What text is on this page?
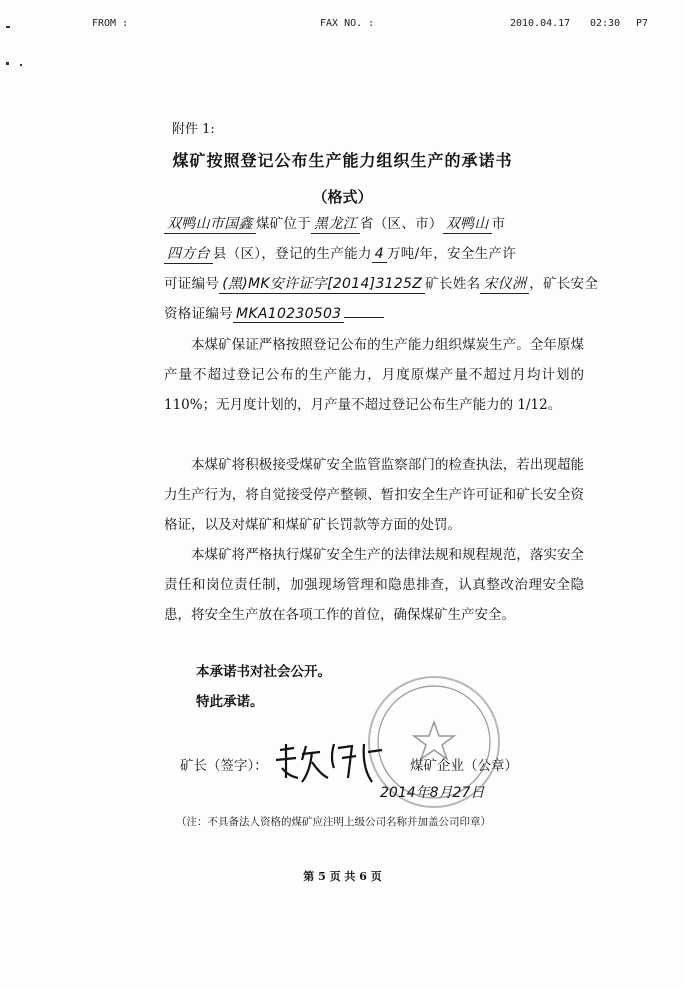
FROM :	FAX NO. :	2010.04.17 02:30 P7
附件 1:
煤矿按照登记公布生产能力组织生产的承诺书
（格式）
双鸭山市国鑫 煤矿位于 黑龙江 省（区、市） 双鸭山 市
四方台 县（区），登记的生产能力 4 万吨/年，安全生产许
可证编号 (黑)MK安许证字[2014]3125Z 矿长姓名 宋仪洲 ，矿长安全
资格证编号 MKA10230503

本煤矿保证严格按照登记公布的生产能力组织煤炭生产。全年原煤产量不超过登记公布的生产能力，月度原煤产量不超过月均计划的 110%；无月度计划的，月产量不超过登记公布生产能力的 1/12。

本煤矿将积极接受煤矿安全监管监察部门的检查执法，若出现超能力生产行为，将自觉接受停产整顿、暂扣安全生产许可证和矿长安全资格证，以及对煤矿和煤矿矿长罚款等方面的处罚。

本煤矿将严格执行煤矿安全生产的法律法规和规程规范，落实安全责任和岗位责任制，加强现场管理和隐患排查，认真整改治理安全隐患，将安全生产放在各项工作的首位，确保煤矿生产安全。

本承诺书对社会公开。
特此承诺。
矿长（签字）：	煤矿企业（公章）
2014年8月27日
（注：不具备法人资格的煤矿应注明上级公司名称并加盖公司印章）
第 5 页 共 6 页
